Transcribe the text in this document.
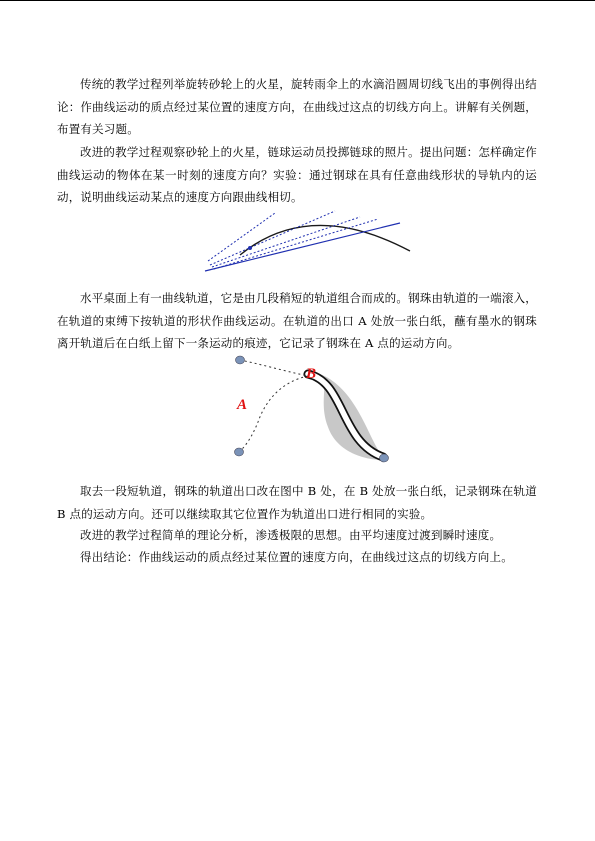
传统的教学过程列举旋转砂轮上的火星，旋转雨伞上的水滴沿圆周切线飞出的事例得出结论：作曲线运动的质点经过某位置的速度方向，在曲线过这点的切线方向上。讲解有关例题，布置有关习题。

改进的教学过程观察砂轮上的火星，链球运动员投掷链球的照片。提出问题：怎样确定作曲线运动的物体在某一时刻的速度方向？实验：通过钢球在具有任意曲线形状的导轨内的运动，说明曲线运动某点的速度方向跟曲线相切。

水平桌面上有一曲线轨道，它是由几段稍短的轨道组合而成的。钢珠由轨道的一端滚入，在轨道的束缚下按轨道的形状作曲线运动。在轨道的出口 A 处放一张白纸，蘸有墨水的钢珠离开轨道后在白纸上留下一条运动的痕迹，它记录了钢珠在 A 点的运动方向。

A
B

取去一段短轨道，钢珠的轨道出口改在图中 B 处，在 B 处放一张白纸，记录钢珠在轨道 B 点的运动方向。还可以继续取其它位置作为轨道出口进行相同的实验。

改进的教学过程简单的理论分析，渗透极限的思想。由平均速度过渡到瞬时速度。

得出结论：作曲线运动的质点经过某位置的速度方向，在曲线过这点的切线方向上。
